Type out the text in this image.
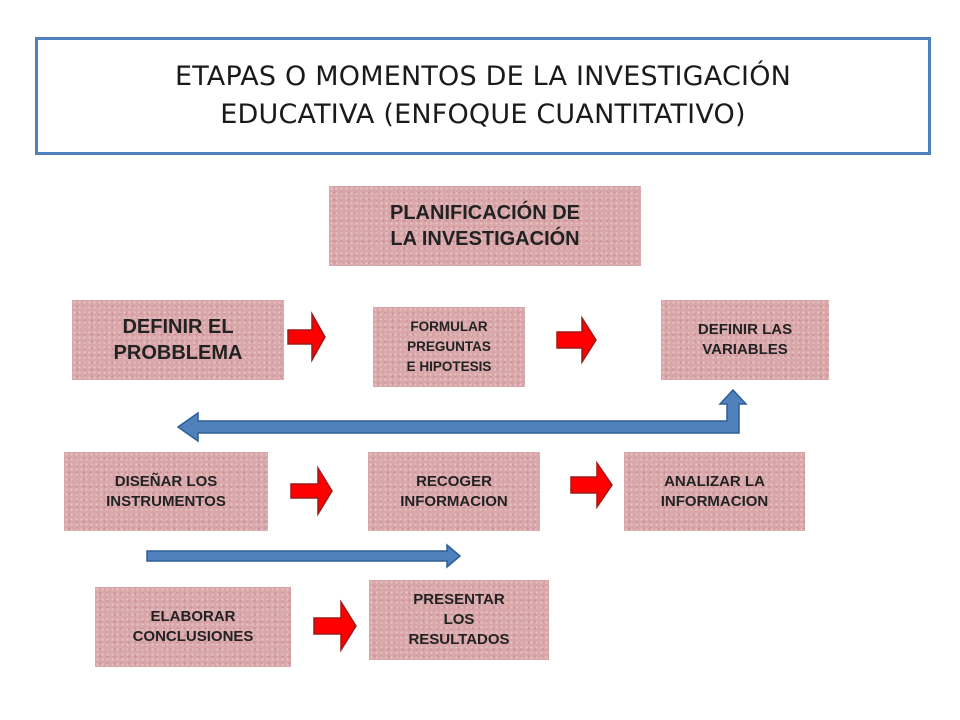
ETAPAS O MOMENTOS DE LA INVESTIGACIÓN
EDUCATIVA (ENFOQUE CUANTITATIVO)
PLANIFICACIÓN DE
LA INVESTIGACIÓN
DEFINIR EL
PROBBLEMA
FORMULAR
PREGUNTAS
E HIPOTESIS
DEFINIR LAS
VARIABLES
DISEÑAR LOS
INSTRUMENTOS
RECOGER
INFORMACION
ANALIZAR LA
INFORMACION
ELABORAR
CONCLUSIONES
PRESENTAR
LOS
RESULTADOS
